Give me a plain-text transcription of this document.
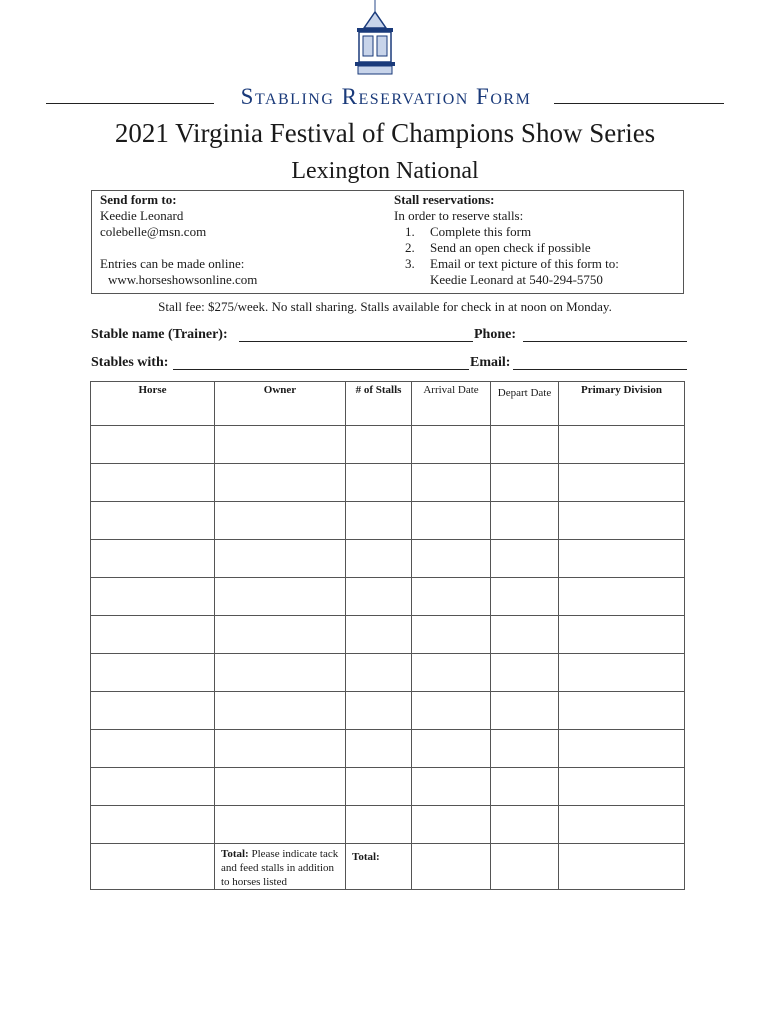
Stabling Reservation Form
2021 Virginia Festival of Champions Show Series
Lexington National
Send form to:
Keedie Leonard
colebelle@msn.com
Entries can be made online:
www.horseshowsonline.com
Stall reservations:
In order to reserve stalls:
1. Complete this form
2. Send an open check if possible
3. Email or text picture of this form to:
Keedie Leonard at 540-294-5750
Stall fee: $275/week. No stall sharing. Stalls available for check in at noon on Monday.
Stable name (Trainer):	Phone:
Stables with:	Email:
Horse	Owner	# of Stalls	Arrival Date	Depart Date	Primary Division

	Total: Please indicate tack and feed stalls in addition to horses listed	Total:			
